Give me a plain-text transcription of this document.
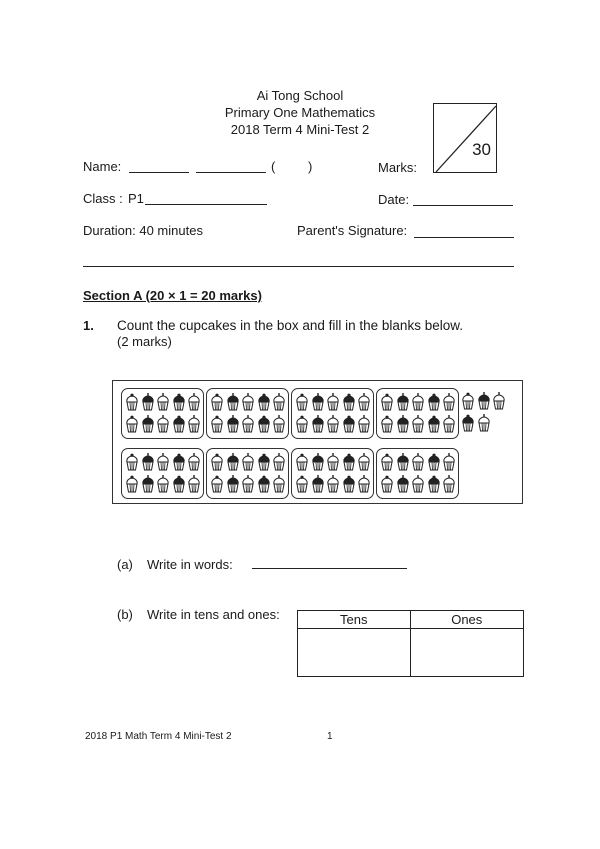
Ai Tong School
Primary One Mathematics
2018 Term 4 Mini-Test 2
30
Name:	(	)	Marks:
Class : P1	Date:
Duration: 40 minutes	Parent's Signature:
Section A (20 × 1 = 20 marks)
1. Count the cupcakes in the box and fill in the blanks below.
(2 marks)
(a) Write in words:
(b) Write in tens and ones:	Tens	Ones
2018 P1 Math Term 4 Mini-Test 2	1
